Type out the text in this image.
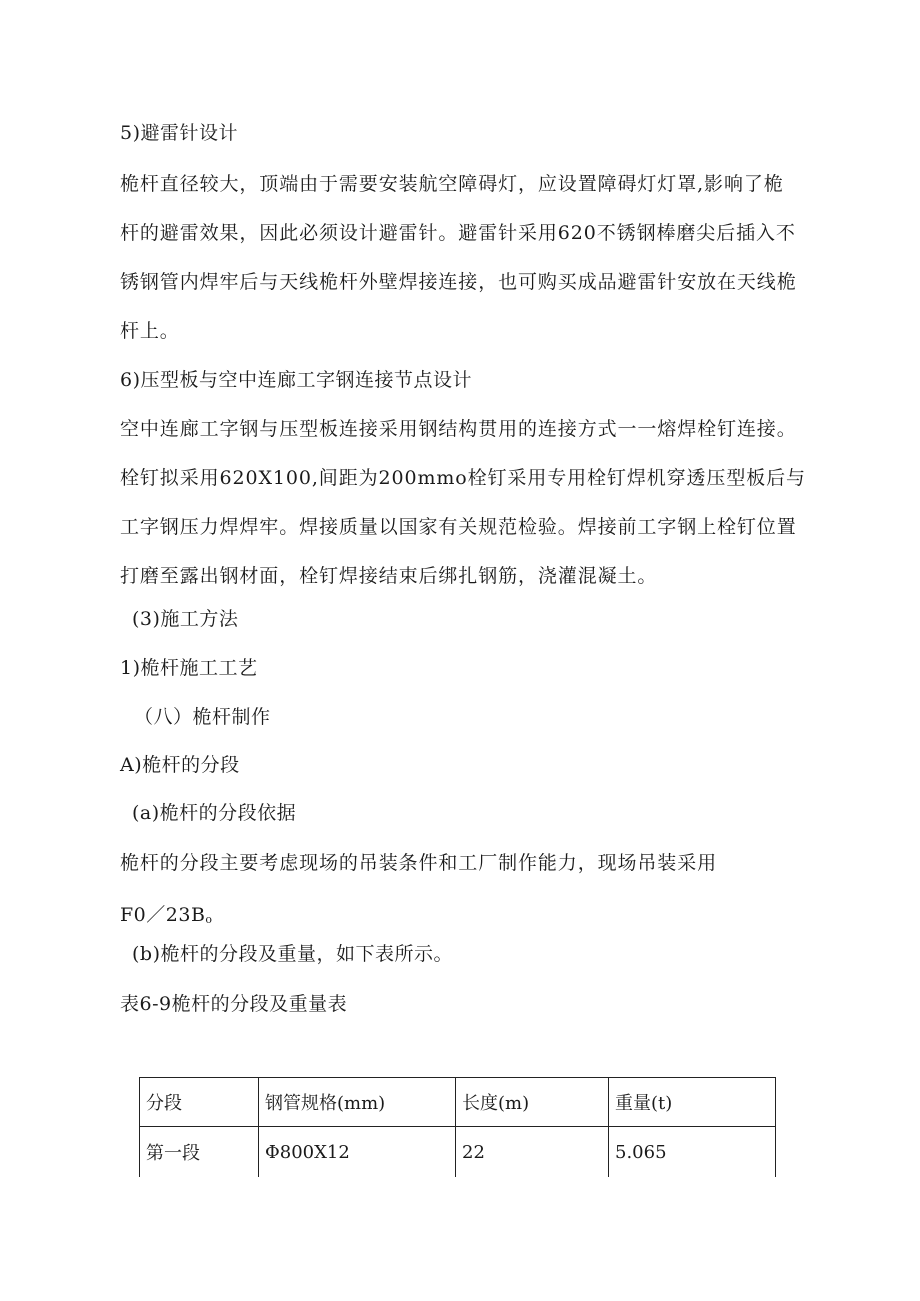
5)避雷针设计
桅杆直径较大，顶端由于需要安装航空障碍灯，应设置障碍灯灯罩,影响了桅
杆的避雷效果，因此必须设计避雷针。避雷针采用620不锈钢棒磨尖后插入不
锈钢管内焊牢后与天线桅杆外壁焊接连接，也可购买成品避雷针安放在天线桅
杆上。
6)压型板与空中连廊工字钢连接节点设计
空中连廊工字钢与压型板连接采用钢结构贯用的连接方式一一熔焊栓钉连接。
栓钉拟采用620X100,间距为200mmo栓钉采用专用栓钉焊机穿透压型板后与
工字钢压力焊焊牢。焊接质量以国家有关规范检验。焊接前工字钢上栓钉位置
打磨至露出钢材面，栓钉焊接结束后绑扎钢筋，浇灌混凝土。
(3)施工方法
1)桅杆施工工艺
（八）桅杆制作
A)桅杆的分段
(a)桅杆的分段依据
桅杆的分段主要考虑现场的吊装条件和工厂制作能力，现场吊装采用
$F0/23B_o$
(b)桅杆的分段及重量，如下表所示。
表6-9桅杆的分段及重量表
分段	钢管规格(mm)	长度(m)	重量(t)
第一段	Φ800X12	22	5.065
